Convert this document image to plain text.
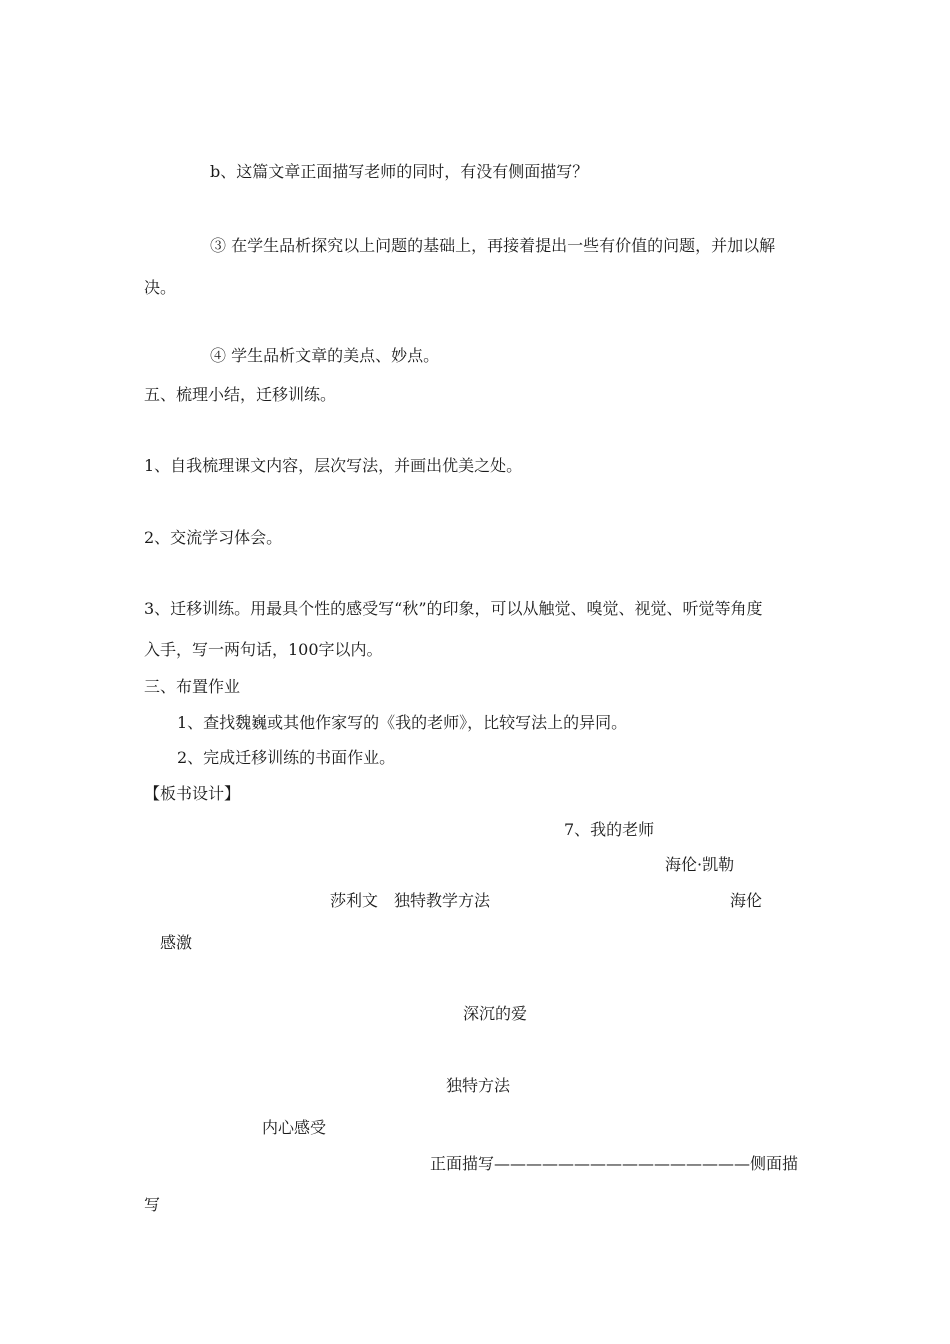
b、这篇文章正面描写老师的同时，有没有侧面描写？
③ 在学生品析探究以上问题的基础上，再接着提出一些有价值的问题，并加以解
决。
④ 学生品析文章的美点、妙点。
五、梳理小结，迁移训练。
1、自我梳理课文内容，层次写法，并画出优美之处。
2、交流学习体会。
3、迁移训练。用最具个性的感受写“秋”的印象，可以从触觉、嗅觉、视觉、听觉等角度
入手，写一两句话，100字以内。
三、布置作业
1、查找魏巍或其他作家写的《我的老师》，比较写法上的异同。
2、完成迁移训练的书面作业。
【板书设计】
7、我的老师
海伦·凯勒
莎利文　独特教学方法	海伦
感激
深沉的爱
独特方法
内心感受
正面描写————————————————侧面描
写
